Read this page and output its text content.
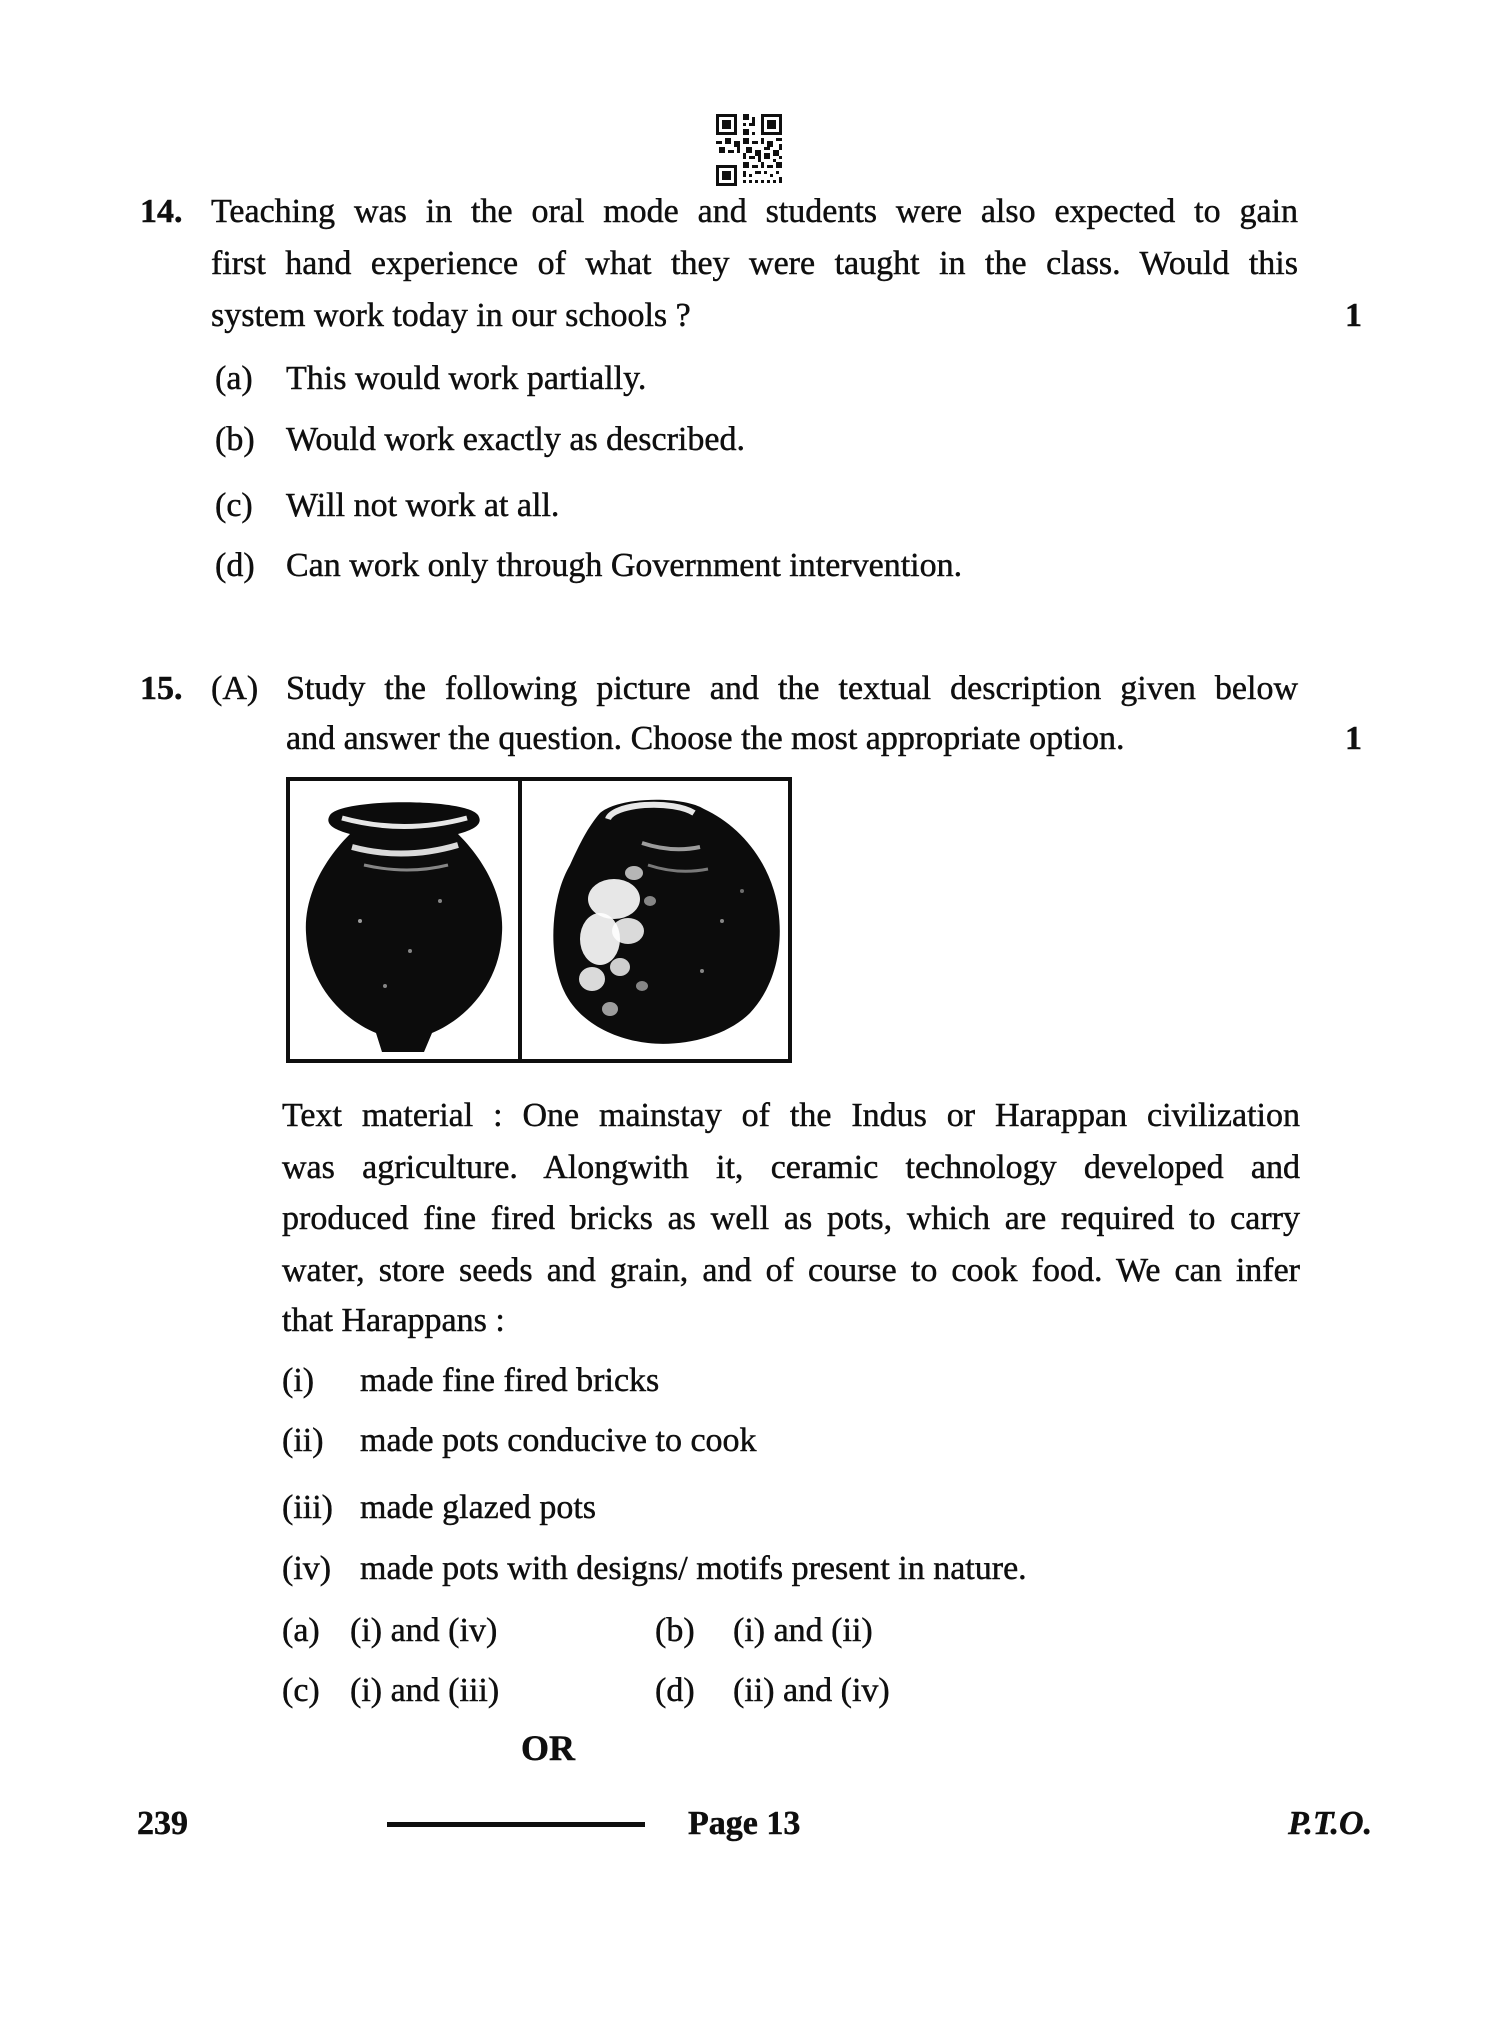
14. Teaching was in the oral mode and students were also expected to gain
first hand experience of what they were taught in the class. Would this
system work today in our schools ?	1
(a) This would work partially.
(b) Would work exactly as described.
(c) Will not work at all.
(d) Can work only through Government intervention.
15. (A) Study the following picture and the textual description given below
and answer the question. Choose the most appropriate option.	1
Text material : One mainstay of the Indus or Harappan civilization
was agriculture. Alongwith it, ceramic technology developed and
produced fine fired bricks as well as pots, which are required to carry
water, store seeds and grain, and of course to cook food. We can infer
that Harappans :
(i) made fine fired bricks
(ii) made pots conducive to cook
(iii) made glazed pots
(iv) made pots with designs/ motifs present in nature.
(a) (i) and (iv)	(b) (i) and (ii)
(c) (i) and (iii)	(d) (ii) and (iv)
OR
239	Page 13	P.T.O.
